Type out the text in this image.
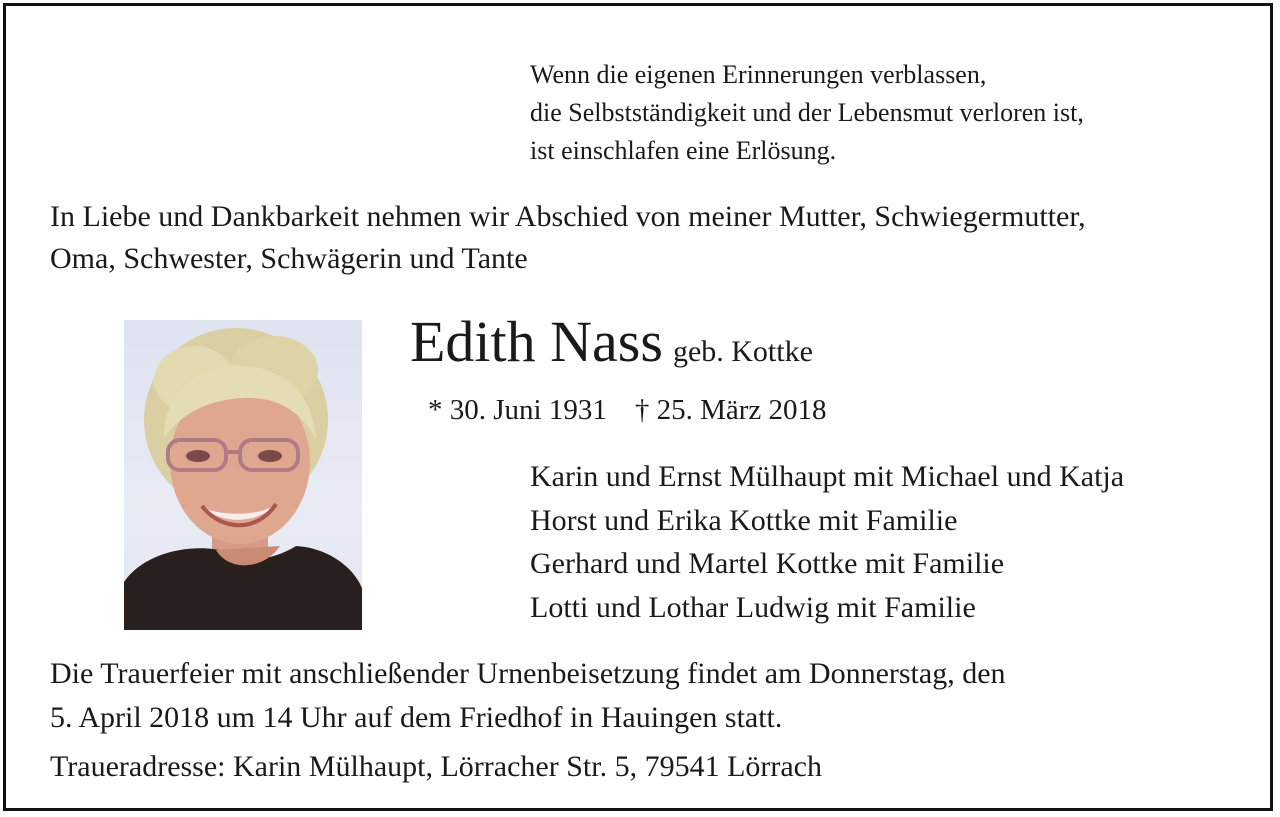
Wenn die eigenen Erinnerungen verblassen,
die Selbstständigkeit und der Lebensmut verloren ist,
ist einschlafen eine Erlösung.
In Liebe und Dankbarkeit nehmen wir Abschied von meiner Mutter, Schwiegermutter,
Oma, Schwester, Schwägerin und Tante
Edith Nass geb. Kottke
* 30. Juni 1931 † 25. März 2018
Karin und Ernst Mülhaupt mit Michael und Katja
Horst und Erika Kottke mit Familie
Gerhard und Martel Kottke mit Familie
Lotti und Lothar Ludwig mit Familie
Die Trauerfeier mit anschließender Urnenbeisetzung findet am Donnerstag, den
5. April 2018 um 14 Uhr auf dem Friedhof in Hauingen statt.
Traueradresse: Karin Mülhaupt, Lörracher Str. 5, 79541 Lörrach
